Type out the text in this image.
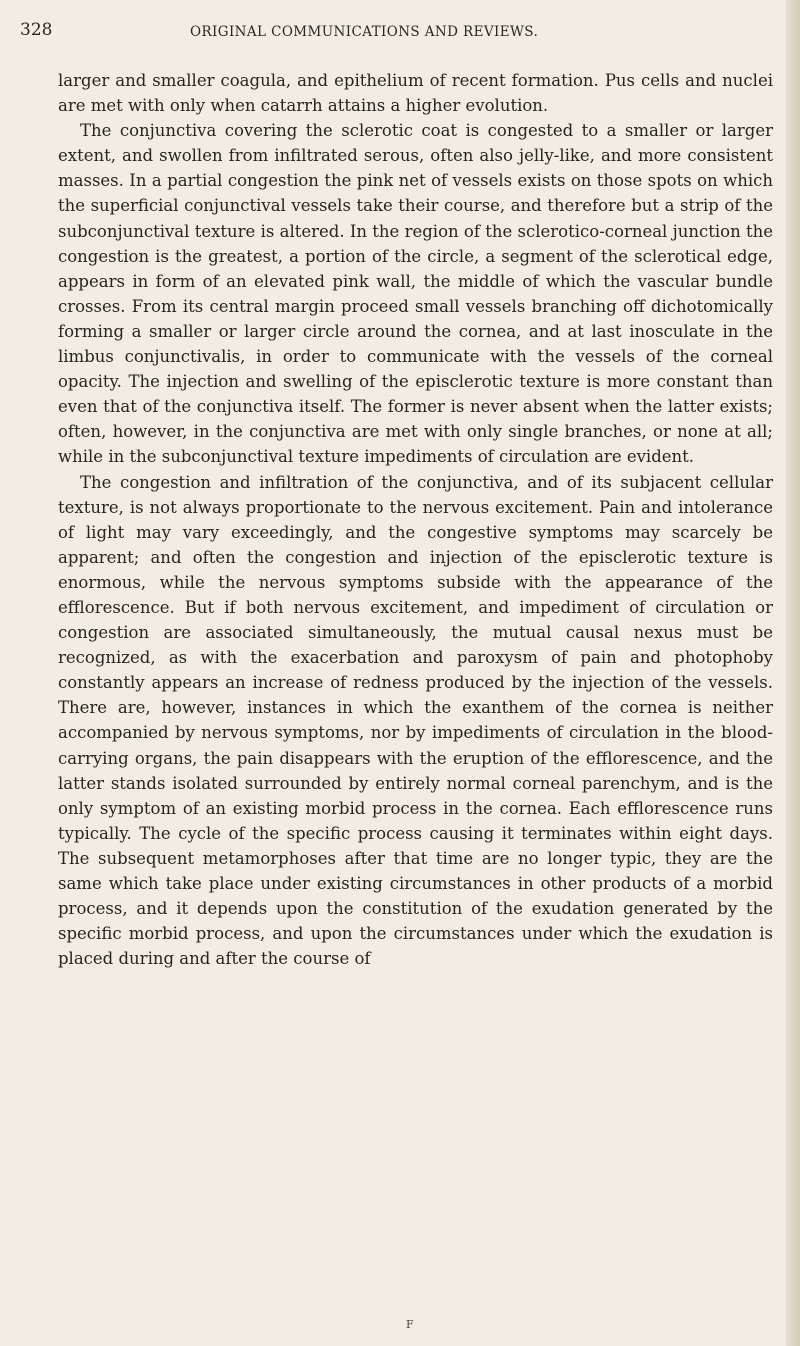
328	ORIGINAL COMMUNICATIONS AND REVIEWS.

larger and smaller coagula, and epithelium of recent formation. Pus cells and nuclei are met with only when catarrh attains a higher evolution.

The conjunctiva covering the sclerotic coat is congested to a smaller or larger extent, and swollen from infiltrated serous, often also jelly-like, and more consistent masses. In a partial congestion the pink net of vessels exists on those spots on which the superficial conjunctival vessels take their course, and therefore but a strip of the subconjunctival texture is altered. In the region of the sclerotico-corneal junction the congestion is the greatest, a portion of the circle, a segment of the sclerotical edge, appears in form of an elevated pink wall, the middle of which the vascular bundle crosses. From its central margin proceed small vessels branching off dichotomically forming a smaller or larger circle around the cornea, and at last inosculate in the limbus conjunctivalis, in order to communicate with the vessels of the corneal opacity. The injection and swelling of the episclerotic texture is more constant than even that of the conjunctiva itself. The former is never absent when the latter exists; often, however, in the conjunctiva are met with only single branches, or none at all; while in the subconjunctival texture impediments of circulation are evident.

The congestion and infiltration of the conjunctiva, and of its subjacent cellular texture, is not always proportionate to the nervous excitement. Pain and intolerance of light may vary exceedingly, and the congestive symptoms may scarcely be apparent; and often the congestion and injection of the episclerotic texture is enormous, while the nervous symptoms subside with the appearance of the efflorescence. But if both nervous excitement, and impediment of circulation or congestion are associated simultaneously, the mutual causal nexus must be recognized, as with the exacerbation and paroxysm of pain and photophoby constantly appears an increase of redness produced by the injection of the vessels. There are, however, instances in which the exanthem of the cornea is neither accompanied by nervous symptoms, nor by impediments of circulation in the blood-carrying organs, the pain disappears with the eruption of the efflorescence, and the latter stands isolated surrounded by entirely normal corneal parenchym, and is the only symptom of an existing morbid process in the cornea. Each efflorescence runs typically. The cycle of the specific process causing it terminates within eight days. The subsequent metamorphoses after that time are no longer typic, they are the same which take place under existing circumstances in other products of a morbid process, and it depends upon the constitution of the exudation generated by the specific morbid process, and upon the circumstances under which the exudation is placed during and after the course of

F
